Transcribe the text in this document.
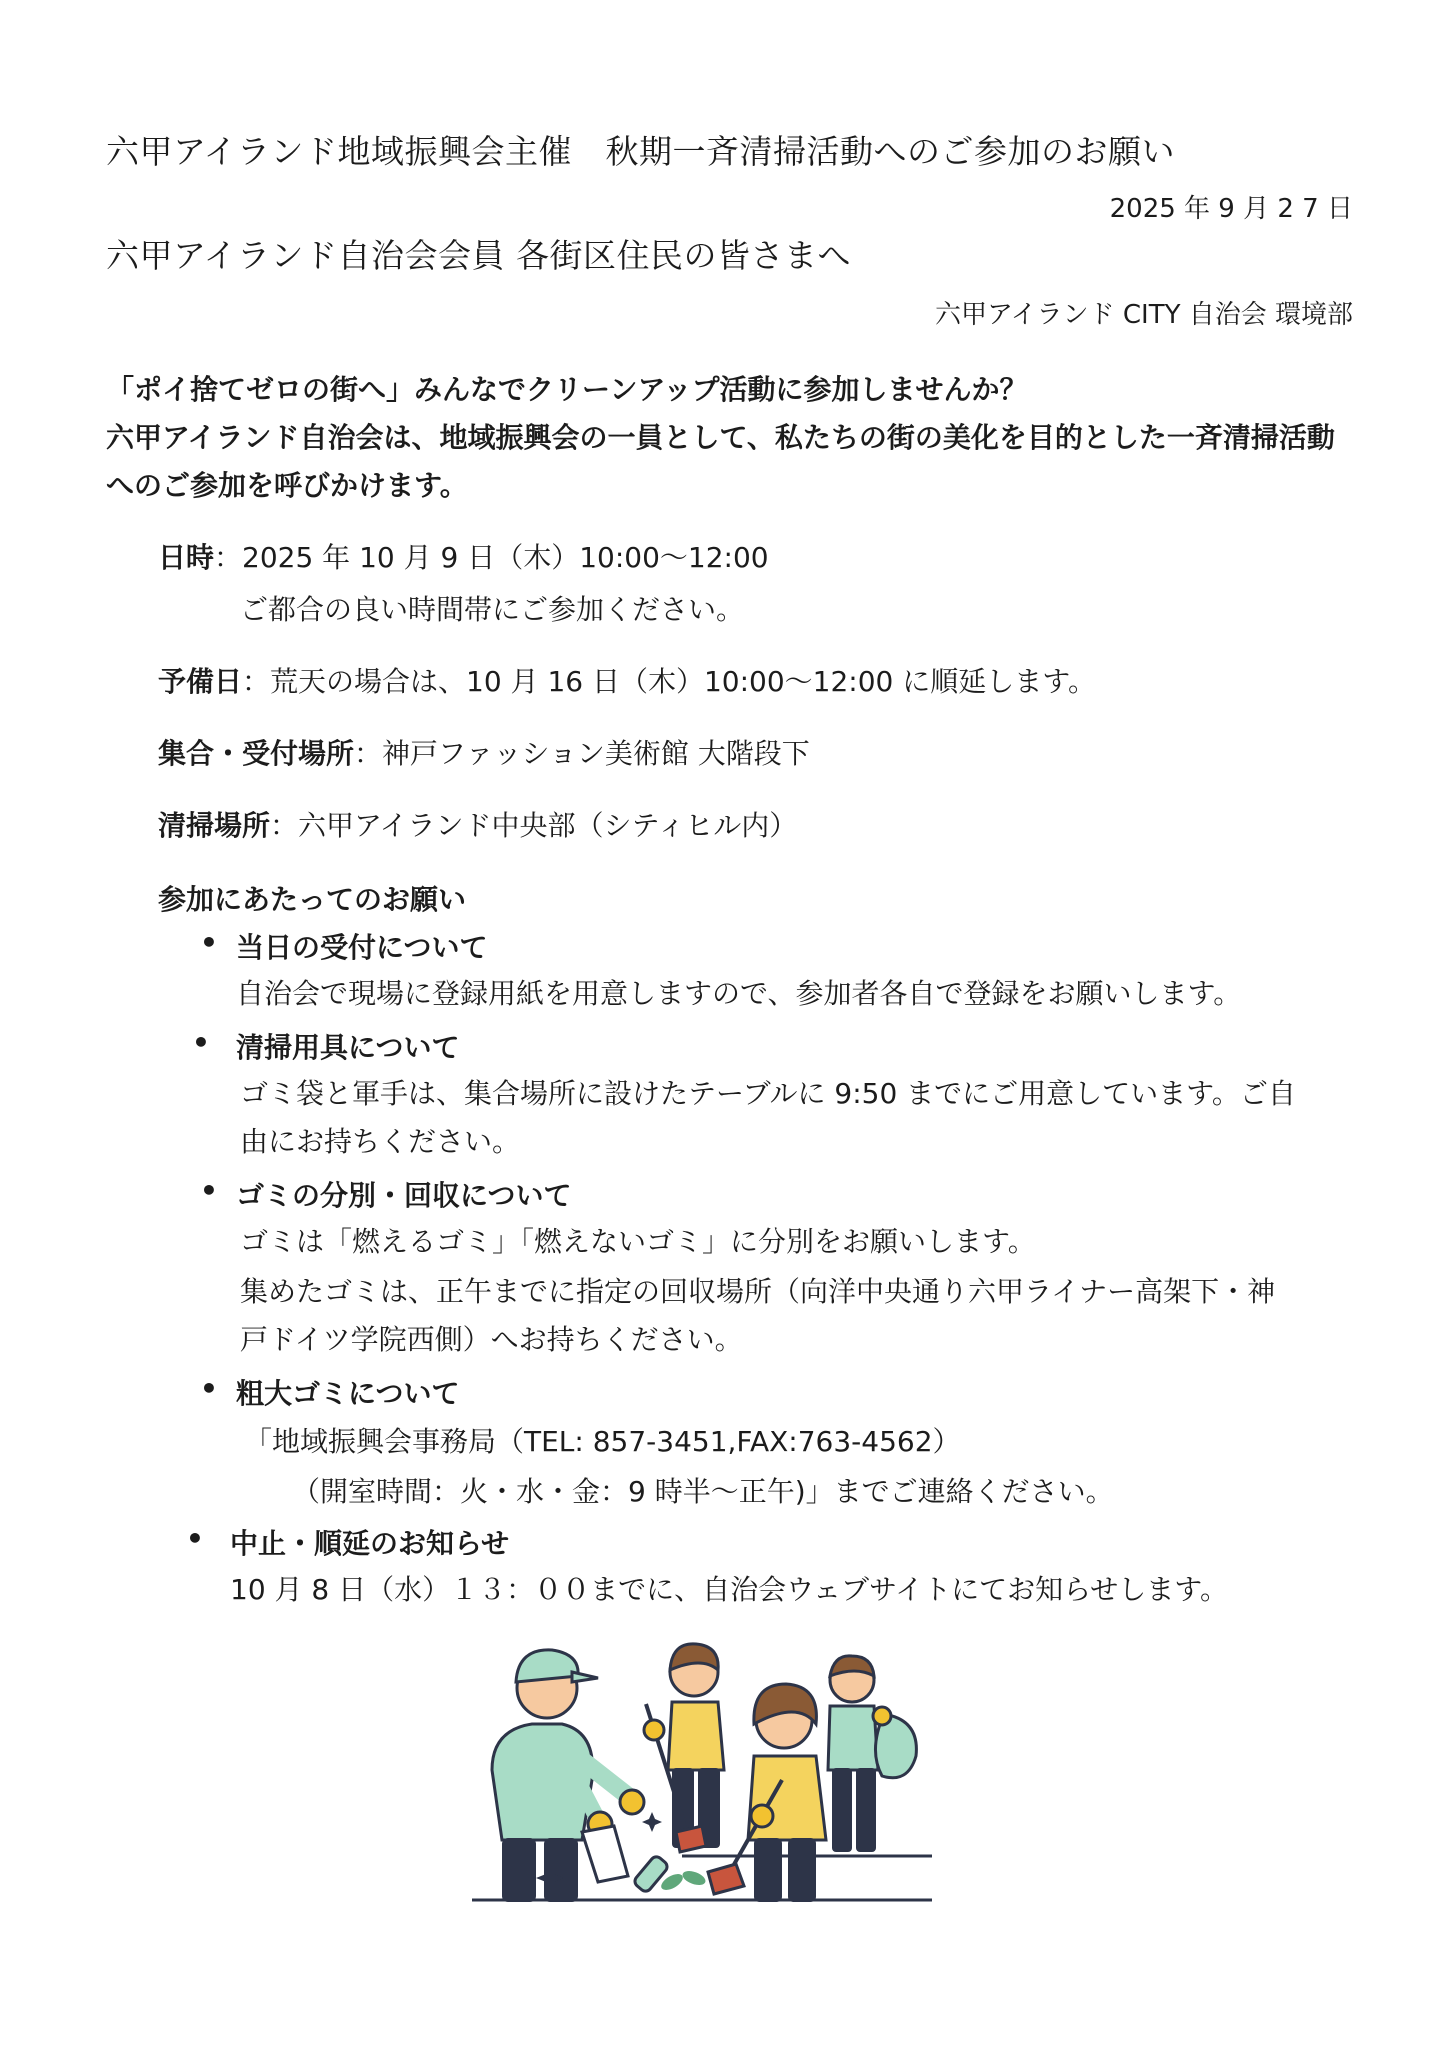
六甲アイランド地域振興会主催　秋期一斉清掃活動へのご参加のお願い
2025 年 9 月 2 7 日
六甲アイランド自治会会員 各街区住民の皆さまへ
六甲アイランド CITY 自治会 環境部

「ポイ捨てゼロの街へ」みんなでクリーンアップ活動に参加しませんか？

六甲アイランド自治会は、地域振興会の一員として、私たちの街の美化を目的とした一斉清掃活動へのご参加を呼びかけます。

日時：2025 年 10 月 9 日（木）10:00〜12:00
ご都合の良い時間帯にご参加ください。
予備日：荒天の場合は、10 月 16 日（木）10:00〜12:00 に順延します。
集合・受付場所：神戸ファッション美術館 大階段下
清掃場所：六甲アイランド中央部（シティヒル内）
参加にあたってのお願い
• 当日の受付について
自治会で現場に登録用紙を用意しますので、参加者各自で登録をお願いします。
• 清掃用具について
ゴミ袋と軍手は、集合場所に設けたテーブルに 9:50 までにご用意しています。ご自
由にお持ちください。
• ゴミの分別・回収について
ゴミは「燃えるゴミ」「燃えないゴミ」に分別をお願いします。
集めたゴミは、正午までに指定の回収場所（向洋中央通り六甲ライナー高架下・神
戸ドイツ学院西側）へお持ちください。
• 粗大ゴミについて
「地域振興会事務局（TEL: 857-3451,FAX:763-4562）
（開室時間：火・水・金：9 時半〜正午)」までご連絡ください。
• 中止・順延のお知らせ
10 月 8 日（水）１３：００までに、自治会ウェブサイトにてお知らせします。
